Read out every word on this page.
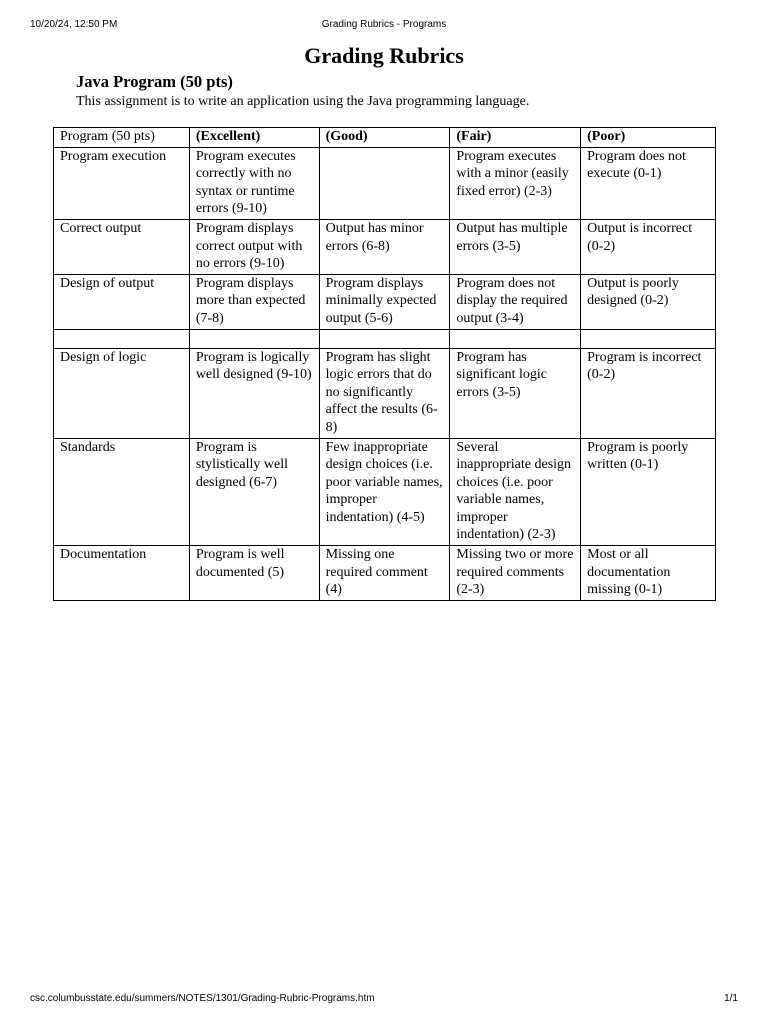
10/20/24, 12:50 PM	Grading Rubrics - Programs
Grading Rubrics
Java Program (50 pts)

This assignment is to write an application using the Java programming language.

Program (50 pts)	(Excellent)	(Good)	(Fair)	(Poor)
Program execution	Program executes correctly with no syntax or runtime errors (9-10)		Program executes with a minor (easily fixed error) (2-3)	Program does not execute (0-1)
Correct output	Program displays correct output with no errors (9-10)	Output has minor errors (6-8)	Output has multiple errors (3-5)	Output is incorrect (0-2)
Design of output	Program displays more than expected (7-8)	Program displays minimally expected output (5-6)	Program does not display the required output (3-4)	Output is poorly designed (0-2)

Design of logic	Program is logically well designed (9-10)	Program has slight logic errors that do no significantly affect the results (6-8)	Program has significant logic errors (3-5)	Program is incorrect (0-2)
Standards	Program is stylistically well designed (6-7)	Few inappropriate design choices (i.e. poor variable names, improper indentation) (4-5)	Several inappropriate design choices (i.e. poor variable names, improper indentation) (2-3)	Program is poorly written (0-1)
Documentation	Program is well documented (5)	Missing one required comment (4)	Missing two or more required comments (2-3)	Most or all documentation missing (0-1)
csc.columbusstate.edu/summers/NOTES/1301/Grading-Rubric-Programs.htm	1/1
